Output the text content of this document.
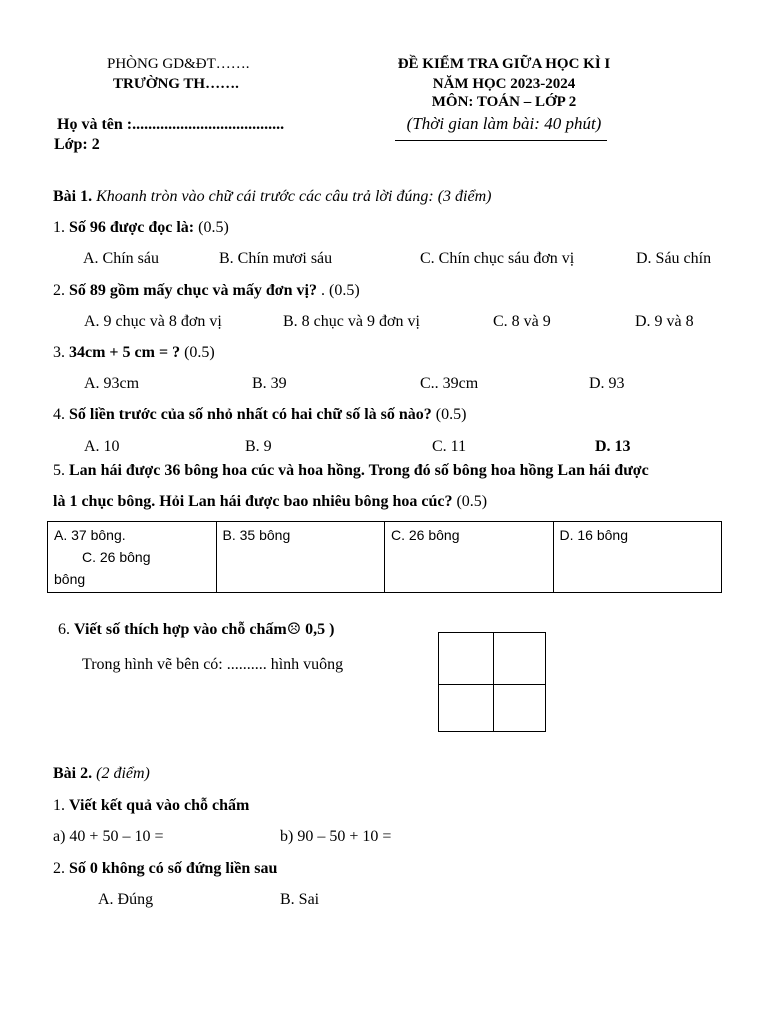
PHÒNG GD&ĐT…….
TRƯỜNG TH…….
ĐỀ KIỂM TRA GIỮA HỌC KÌ I
NĂM HỌC 2023-2024
MÔN: TOÁN – LỚP 2
(Thời gian làm bài: 40 phút)
Họ và tên :......................................
Lớp: 2
Bài 1. Khoanh tròn vào chữ cái trước các câu trả lời đúng: (3 điểm)
1. Số 96 được đọc là: (0.5)
A. Chín sáu	B. Chín mươi sáu	C. Chín chục sáu đơn vị	D. Sáu chín
2. Số 89 gồm mấy chục và mấy đơn vị? . (0.5)
A. 9 chục và 8 đơn vị	B. 8 chục và 9 đơn vị	C. 8 và 9	D. 9 và 8
3. 34cm + 5 cm = ? (0.5)
A. 93cm	B. 39	C.. 39cm	D. 93
4. Số liền trước của số nhỏ nhất có hai chữ số là số nào? (0.5)
A. 10	B. 9	C. 11	D. 13
5. Lan hái được 36 bông hoa cúc và hoa hồng. Trong đó số bông hoa hồng Lan hái được
là 1 chục bông. Hỏi Lan hái được bao nhiêu bông hoa cúc? (0.5)
A. 37 bông.
C. 26 bông
bông
	B. 35 bông	C. 26 bông	D. 16 bông
6. Viết số thích hợp vào chỗ chấm☹ 0,5 )
Trong hình vẽ bên có: .......... hình vuông
Bài 2. (2 điểm)
1. Viết kết quả vào chỗ chấm
a) 40 + 50 – 10 =	b) 90 – 50 + 10 =
2. Số 0 không có số đứng liền sau
A. Đúng	B. Sai
